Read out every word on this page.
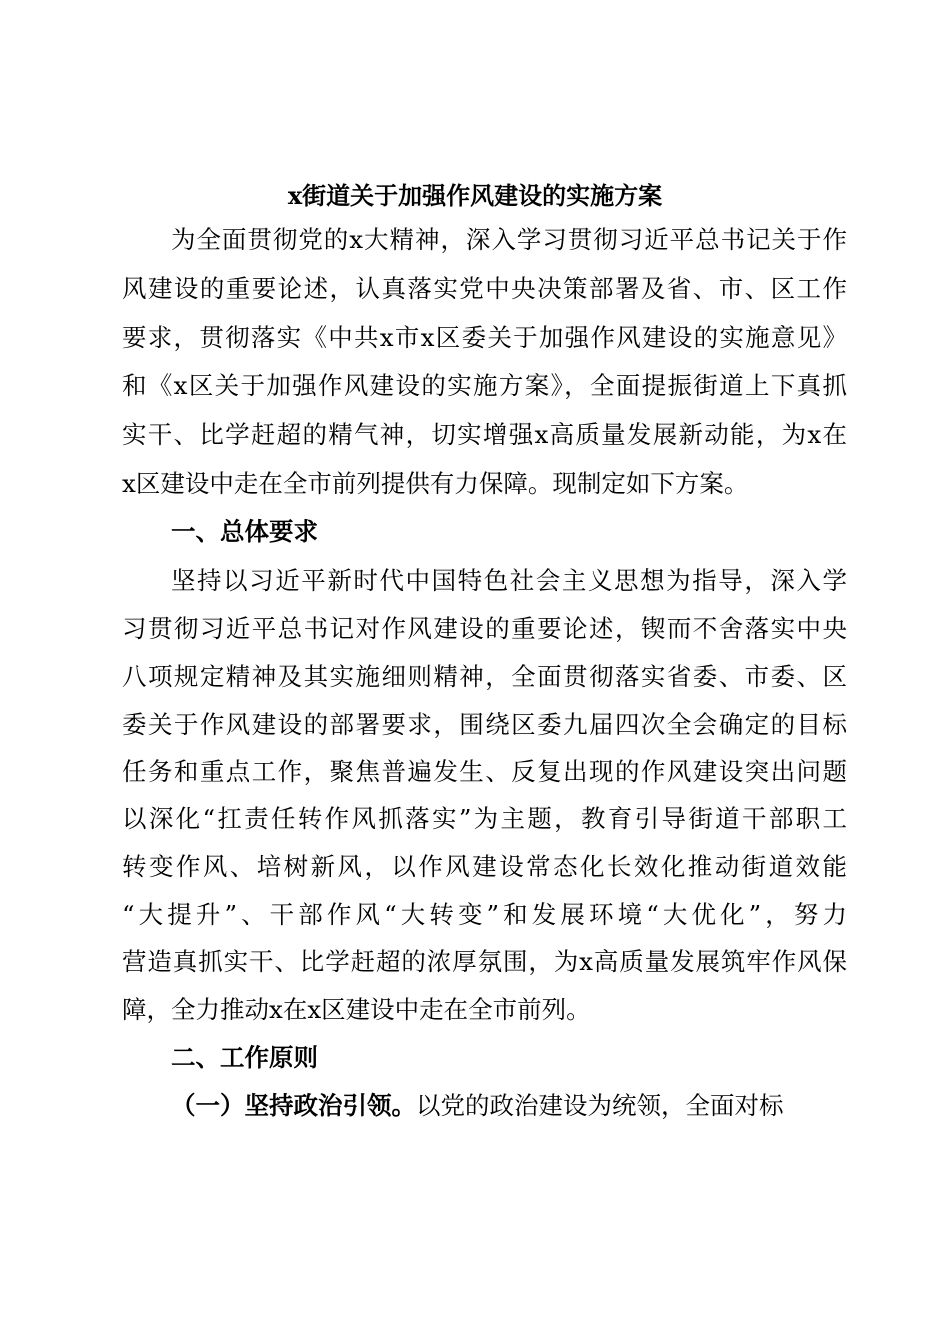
x街道关于加强作风建设的实施方案
为全面贯彻党的x大精神，深入学习贯彻习近平总书记关于作
风建设的重要论述，认真落实党中央决策部署及省、市、区工作
要求，贯彻落实《中共x市x区委关于加强作风建设的实施意见》
和《x区关于加强作风建设的实施方案》，全面提振街道上下真抓
实干、比学赶超的精气神，切实增强x高质量发展新动能，为x在
x区建设中走在全市前列提供有力保障。现制定如下方案。
一、总体要求
坚持以习近平新时代中国特色社会主义思想为指导，深入学
习贯彻习近平总书记对作风建设的重要论述，锲而不舍落实中央
八项规定精神及其实施细则精神，全面贯彻落实省委、市委、区
委关于作风建设的部署要求，围绕区委九届四次全会确定的目标
任务和重点工作，聚焦普遍发生、反复出现的作风建设突出问题
以深化“扛责任转作风抓落实”为主题，教育引导街道干部职工
转变作风、培树新风，以作风建设常态化长效化推动街道效能
“大提升”、干部作风“大转变”和发展环境“大优化”，努力
营造真抓实干、比学赶超的浓厚氛围，为x高质量发展筑牢作风保
障，全力推动x在x区建设中走在全市前列。
二、工作原则
（一）坚持政治引领。以党的政治建设为统领，全面对标
